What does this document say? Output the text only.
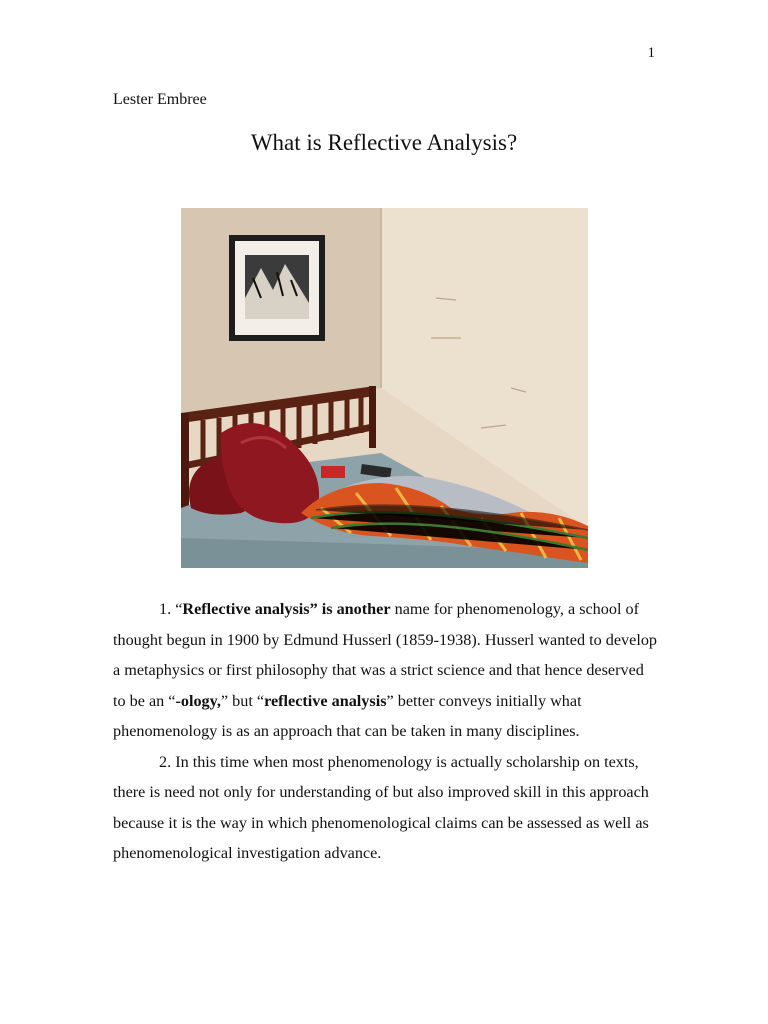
1
Lester Embree
What is Reflective Analysis?

1. “Reflective analysis” is another name for phenomenology, a school of thought begun in 1900 by Edmund Husserl (1859-1938). Husserl wanted to develop a metaphysics or first philosophy that was a strict science and that hence deserved to be an “-ology,” but “reflective analysis” better conveys initially what phenomenology is as an approach that can be taken in many disciplines.

2. In this time when most phenomenology is actually scholarship on texts, there is need not only for understanding of but also improved skill in this approach because it is the way in which phenomenological claims can be assessed as well as phenomenological investigation advance.
